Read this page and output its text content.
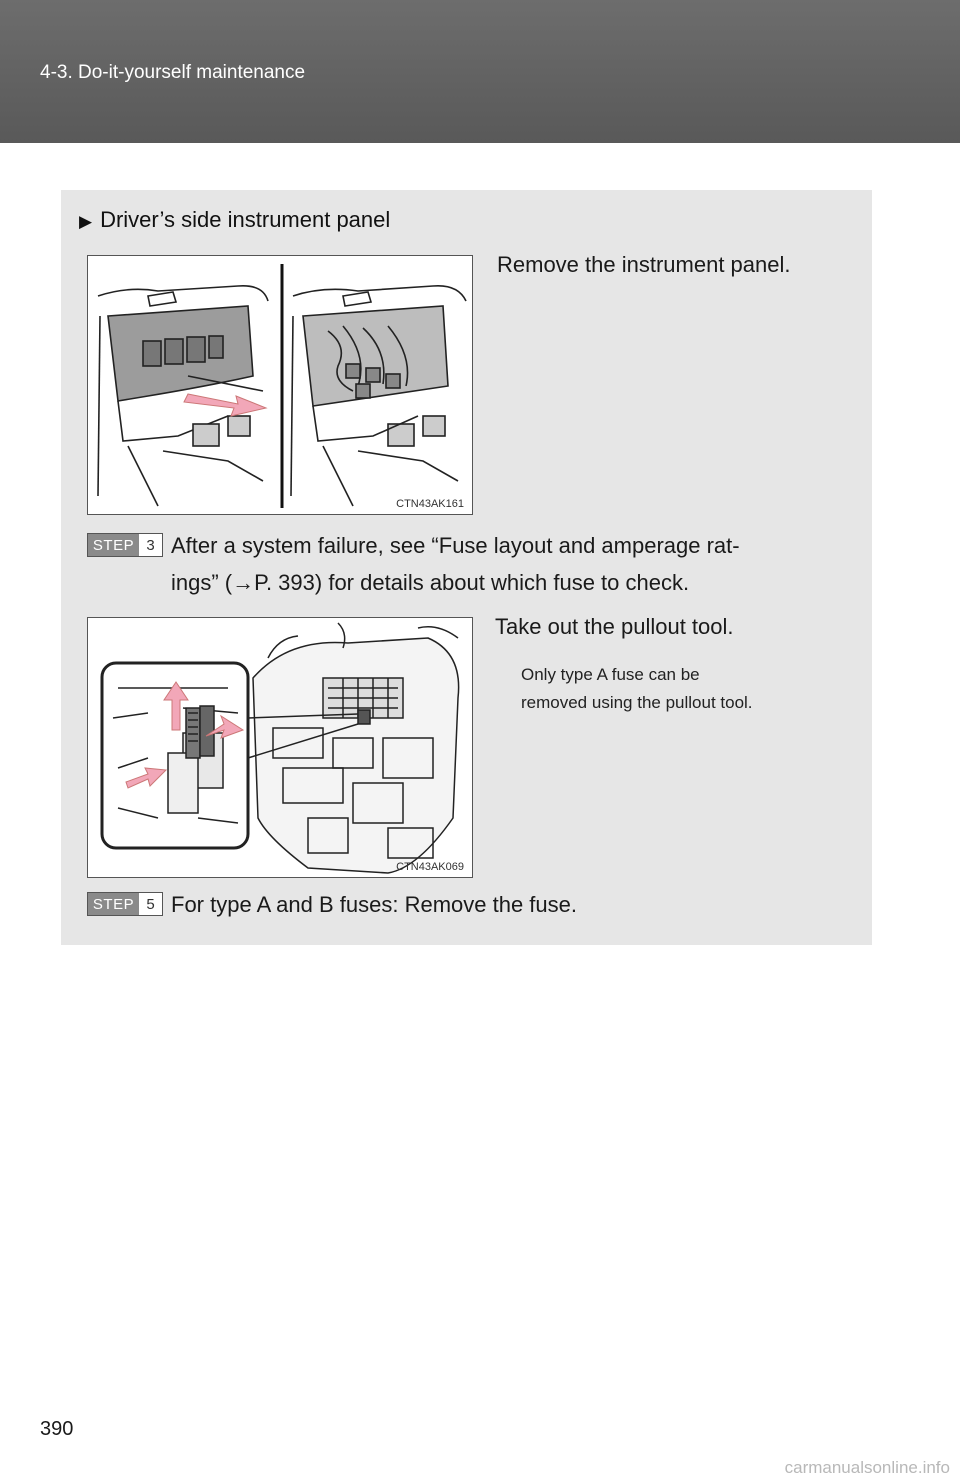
4-3. Do-it-yourself maintenance
▶ Driver’s side instrument panel
CTN43AK161
Remove the instrument panel.
STEP 3 After a system failure, see “Fuse layout and amperage rat-
ings” (→P. 393) for details about which fuse to check.
CTN43AK069
Take out the pullout tool.
Only type A fuse can be
removed using the pullout tool.
STEP 5 For type A and B fuses: Remove the fuse.
390
carmanualsonline.info
